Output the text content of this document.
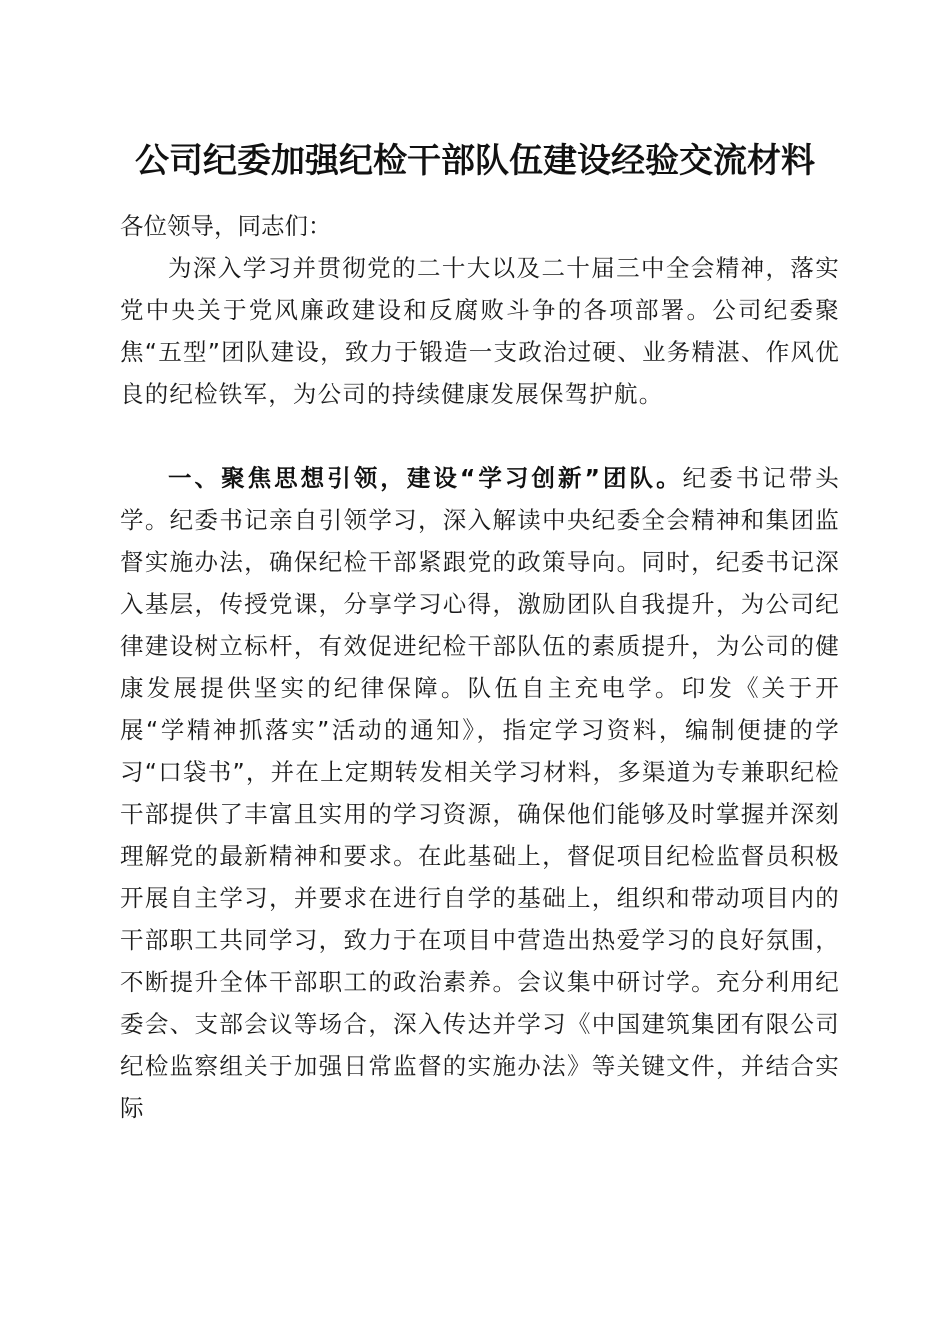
公司纪委加强纪检干部队伍建设经验交流材料

各位领导，同志们：

为深入学习并贯彻党的二十大以及二十届三中全会精神，落实党中央关于党风廉政建设和反腐败斗争的各项部署。公司纪委聚焦“五型”团队建设，致力于锻造一支政治过硬、业务精湛、作风优良的纪检铁军，为公司的持续健康发展保驾护航。

一、聚焦思想引领，建设“学习创新”团队。纪委书记带头学。纪委书记亲自引领学习，深入解读中央纪委全会精神和集团监督实施办法，确保纪检干部紧跟党的政策导向。同时，纪委书记深入基层，传授党课，分享学习心得，激励团队自我提升，为公司纪律建设树立标杆，有效促进纪检干部队伍的素质提升，为公司的健康发展提供坚实的纪律保障。队伍自主充电学。印发《关于开展“学精神抓落实”活动的通知》，指定学习资料，编制便捷的学习“口袋书”，并在上定期转发相关学习材料，多渠道为专兼职纪检干部提供了丰富且实用的学习资源，确保他们能够及时掌握并深刻理解党的最新精神和要求。在此基础上，督促项目纪检监督员积极开展自主学习，并要求在进行自学的基础上，组织和带动项目内的干部职工共同学习，致力于在项目中营造出热爱学习的良好氛围，不断提升全体干部职工的政治素养。会议集中研讨学。充分利用纪委会、支部会议等场合，深入传达并学习《中国建筑集团有限公司纪检监察组关于加强日常监督的实施办法》等关键文件，并结合实际
